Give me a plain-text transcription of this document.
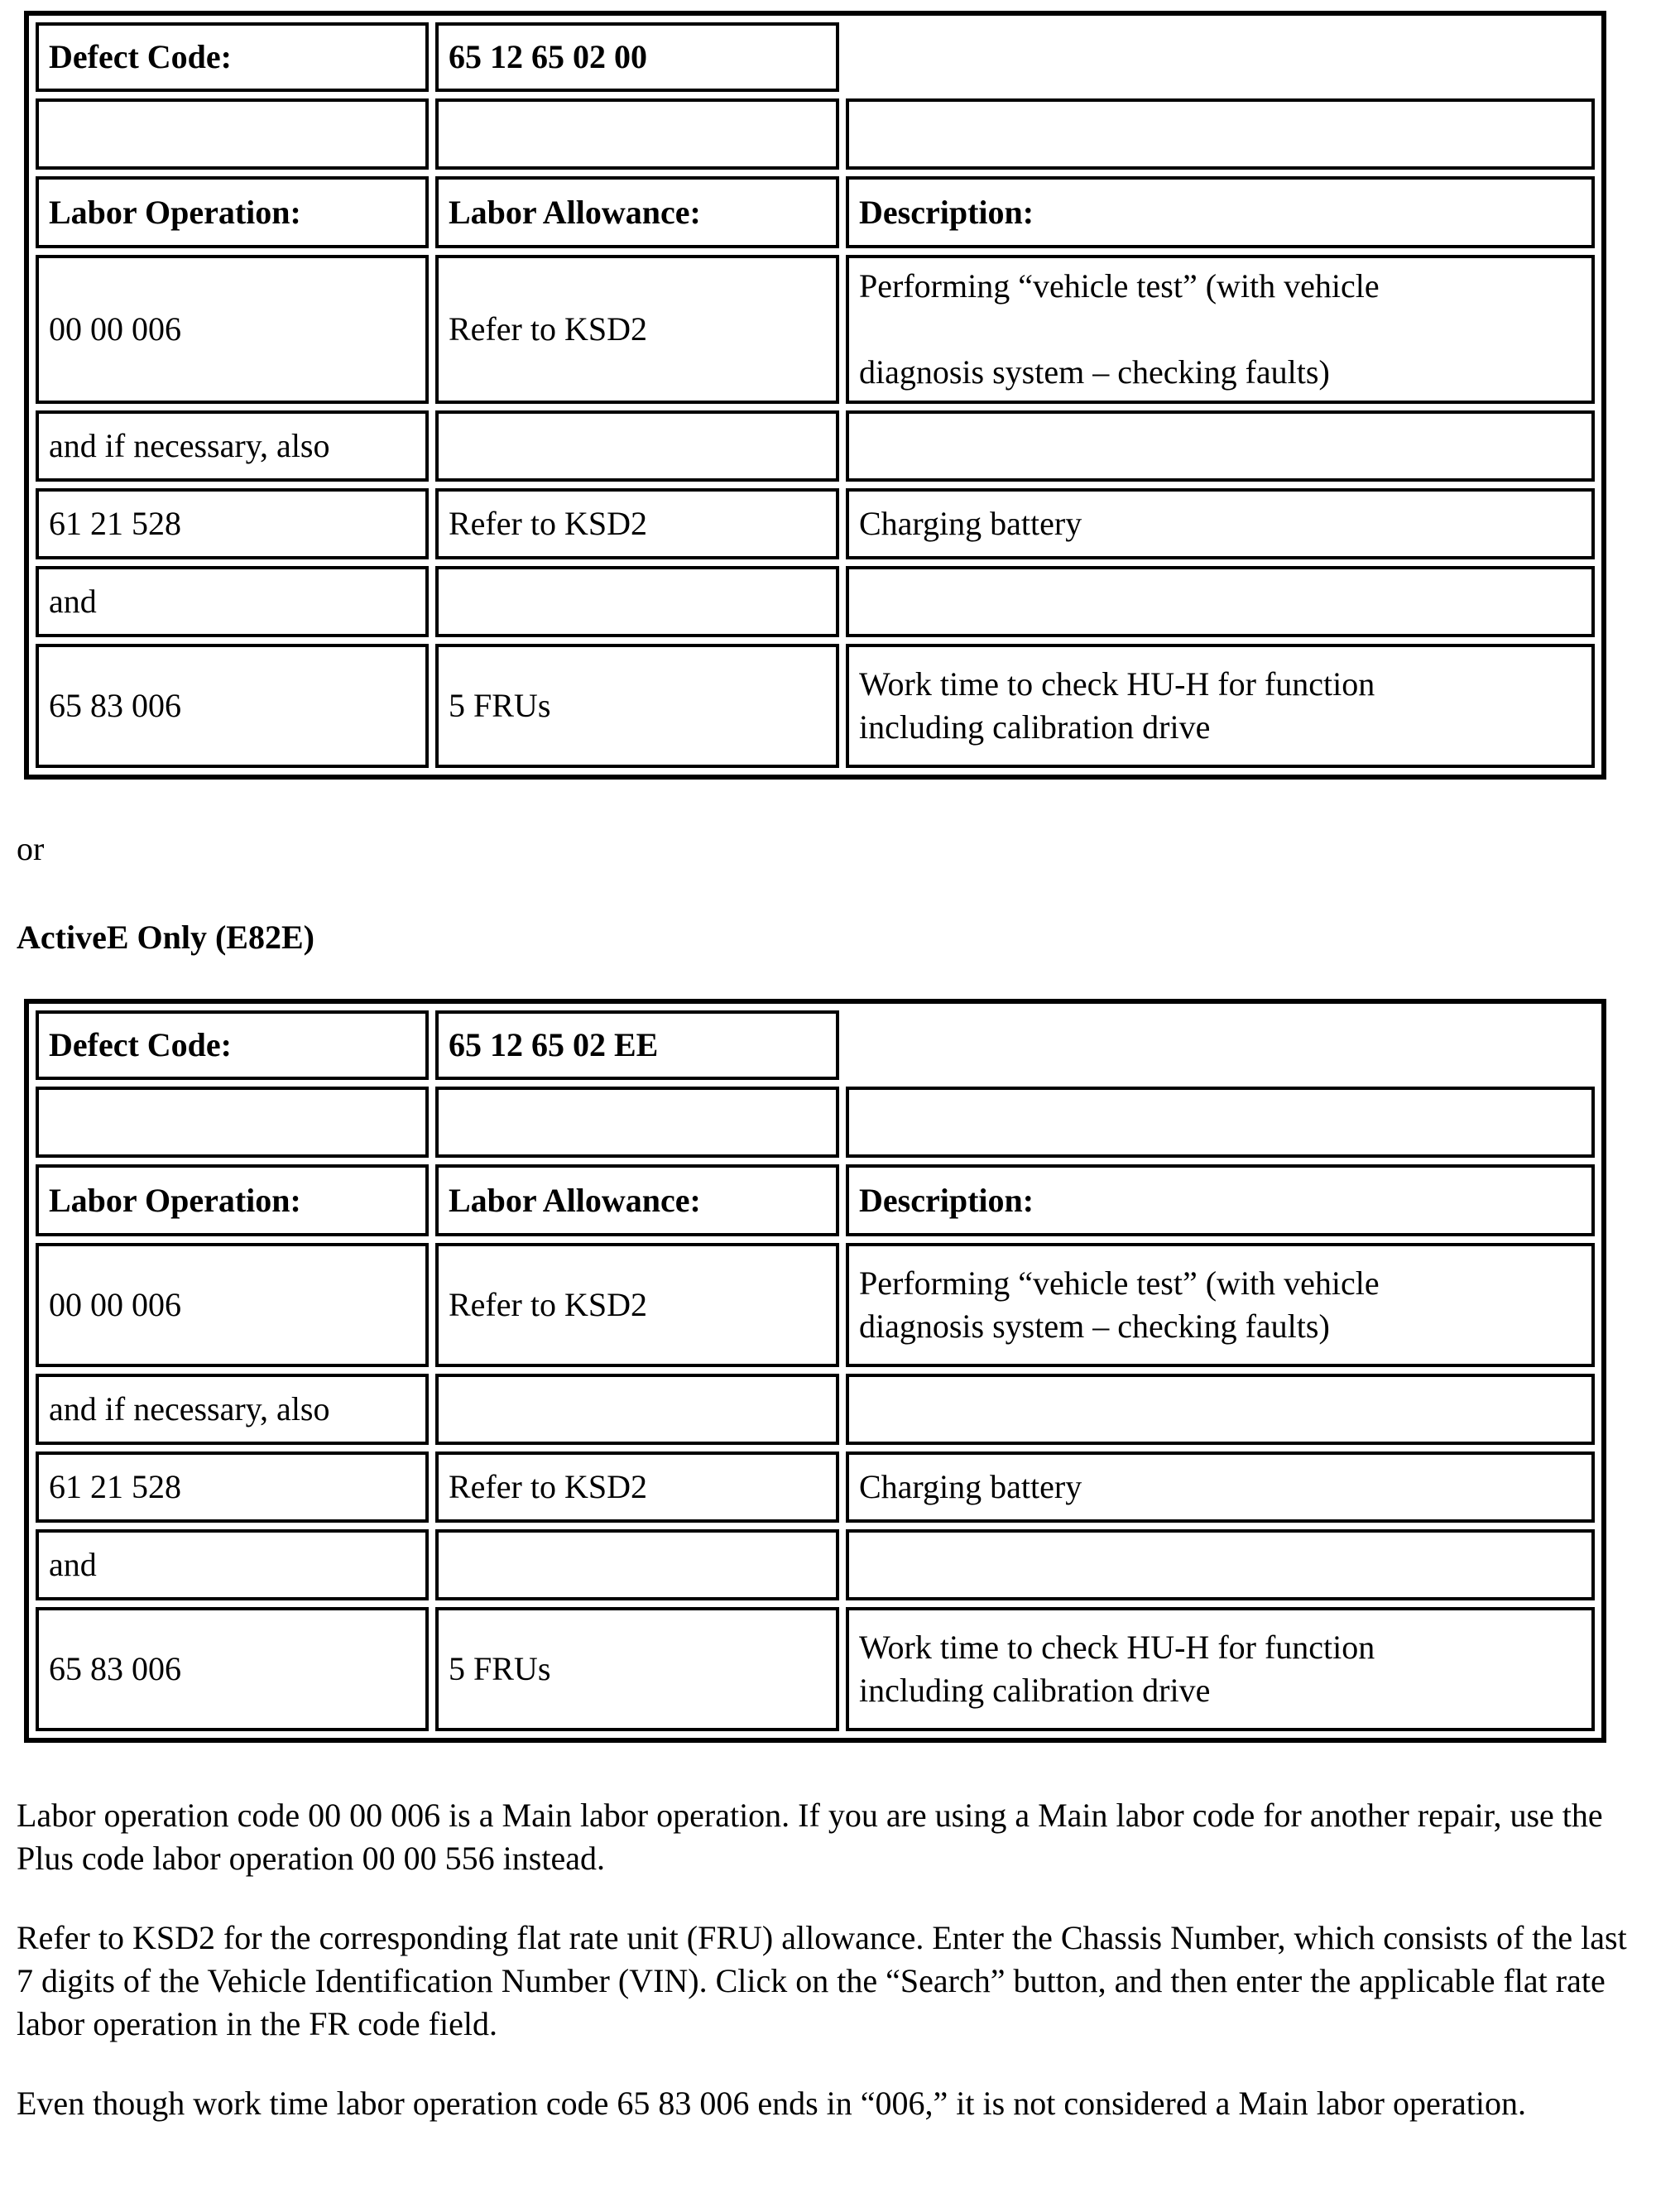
Defect Code:	65 12 65 02 00	

Labor Operation:	Labor Allowance:	Description:
00 00 006	Refer to KSD2	Performing “vehicle test” (with vehicle
diagnosis system – checking faults)

and if necessary, also		
61 21 528	Refer to KSD2	Charging battery
and		
65 83 006	5 FRUs	Work time to check HU-H for function
including calibration drive
or
ActiveE Only (E82E)
Defect Code:	65 12 65 02 EE	

Labor Operation:	Labor Allowance:	Description:
00 00 006	Refer to KSD2	Performing “vehicle test” (with vehicle
diagnosis system – checking faults)

and if necessary, also		
61 21 528	Refer to KSD2	Charging battery
and		
65 83 006	5 FRUs	Work time to check HU-H for function
including calibration drive

Labor operation code 00 00 006 is a Main labor operation. If you are using a Main labor code for another repair, use the Plus code labor operation 00 00 556 instead.

Refer to KSD2 for the corresponding flat rate unit (FRU) allowance. Enter the Chassis Number, which consists of the last 7 digits of the Vehicle Identification Number (VIN). Click on the “Search” button, and then enter the applicable flat rate labor operation in the FR code field.

Even though work time labor operation code 65 83 006 ends in “006,” it is not considered a Main labor operation.
